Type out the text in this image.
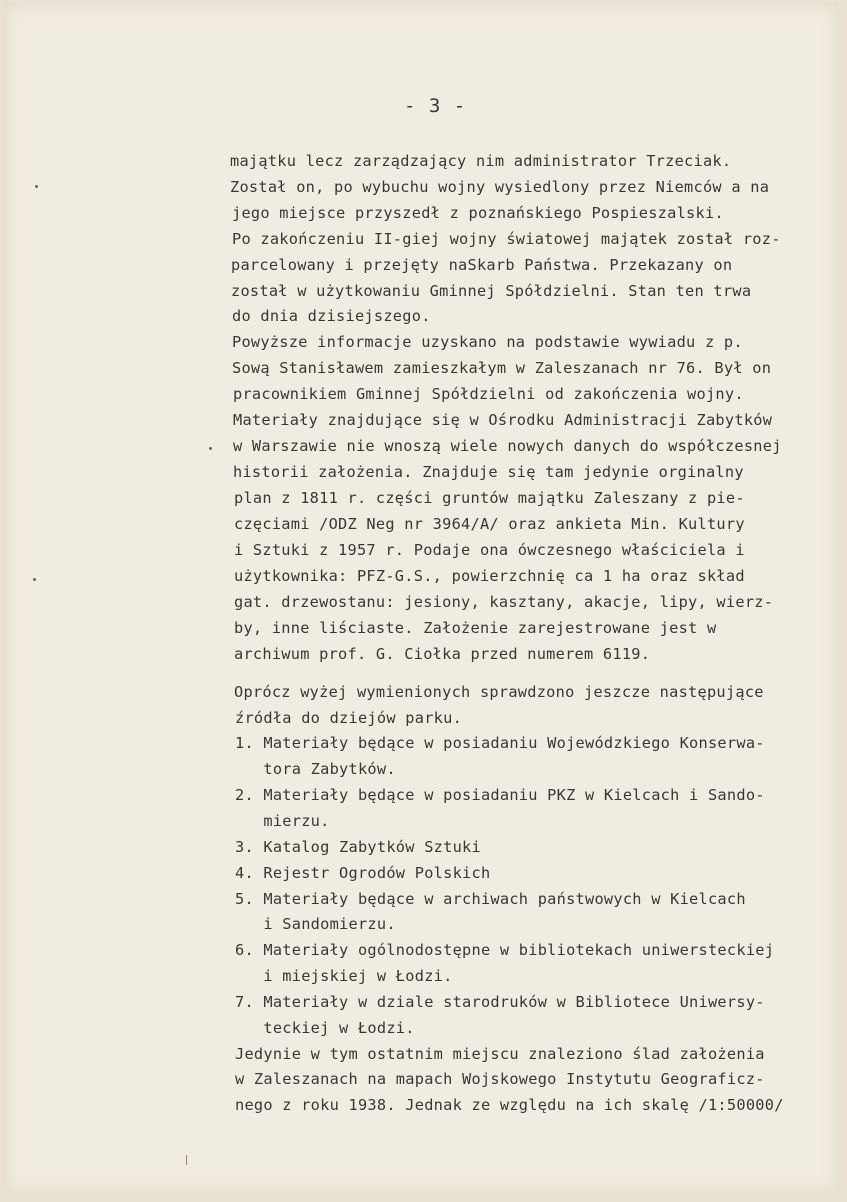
- 3 -
majątku lecz zarządzający nim administrator Trzeciak.
Został on, po wybuchu wojny wysiedlony przez Niemców a na
jego miejsce przyszedł z poznańskiego Pospieszalski.
Po zakończeniu II-giej wojny światowej majątek został roz-
parcelowany i przejęty naSkarb Państwa. Przekazany on
został w użytkowaniu Gminnej Spółdzielni. Stan ten trwa
do dnia dzisiejszego.
Powyższe informacje uzyskano na podstawie wywiadu z p.
Sową Stanisławem zamieszkałym w Zaleszanach nr 76. Był on
pracownikiem Gminnej Spółdzielni od zakończenia wojny.
Materiały znajdujące się w Ośrodku Administracji Zabytków
w Warszawie nie wnoszą wiele nowych danych do współczesnej
historii założenia. Znajduje się tam jedynie orginalny
plan z 1811 r. części gruntów majątku Zaleszany z pie-
częciami /ODZ Neg nr 3964/A/ oraz ankieta Min. Kultury
i Sztuki z 1957 r. Podaje ona ówczesnego właściciela i
użytkownika: PFZ-G.S., powierzchnię ca 1 ha oraz skład
gat. drzewostanu: jesiony, kasztany, akacje, lipy, wierz-
by, inne liściaste. Założenie zarejestrowane jest w
archiwum prof. G. Ciołka przed numerem 6119.
Oprócz wyżej wymienionych sprawdzono jeszcze następujące
źródła do dziejów parku.
1. Materiały będące w posiadaniu Wojewódzkiego Konserwa-
tora Zabytków.
2. Materiały będące w posiadaniu PKZ w Kielcach i Sando-
mierzu.
3. Katalog Zabytków Sztuki
4. Rejestr Ogrodów Polskich
5. Materiały będące w archiwach państwowych w Kielcach
i Sandomierzu.
6. Materiały ogólnodostępne w bibliotekach uniwersteckiej
i miejskiej w Łodzi.
7. Materiały w dziale starodruków w Bibliotece Uniwersy-
teckiej w Łodzi.
Jedynie w tym ostatnim miejscu znaleziono ślad założenia
w Zaleszanach na mapach Wojskowego Instytutu Geograficz-
nego z roku 1938. Jednak ze względu na ich skalę /1:50000/
